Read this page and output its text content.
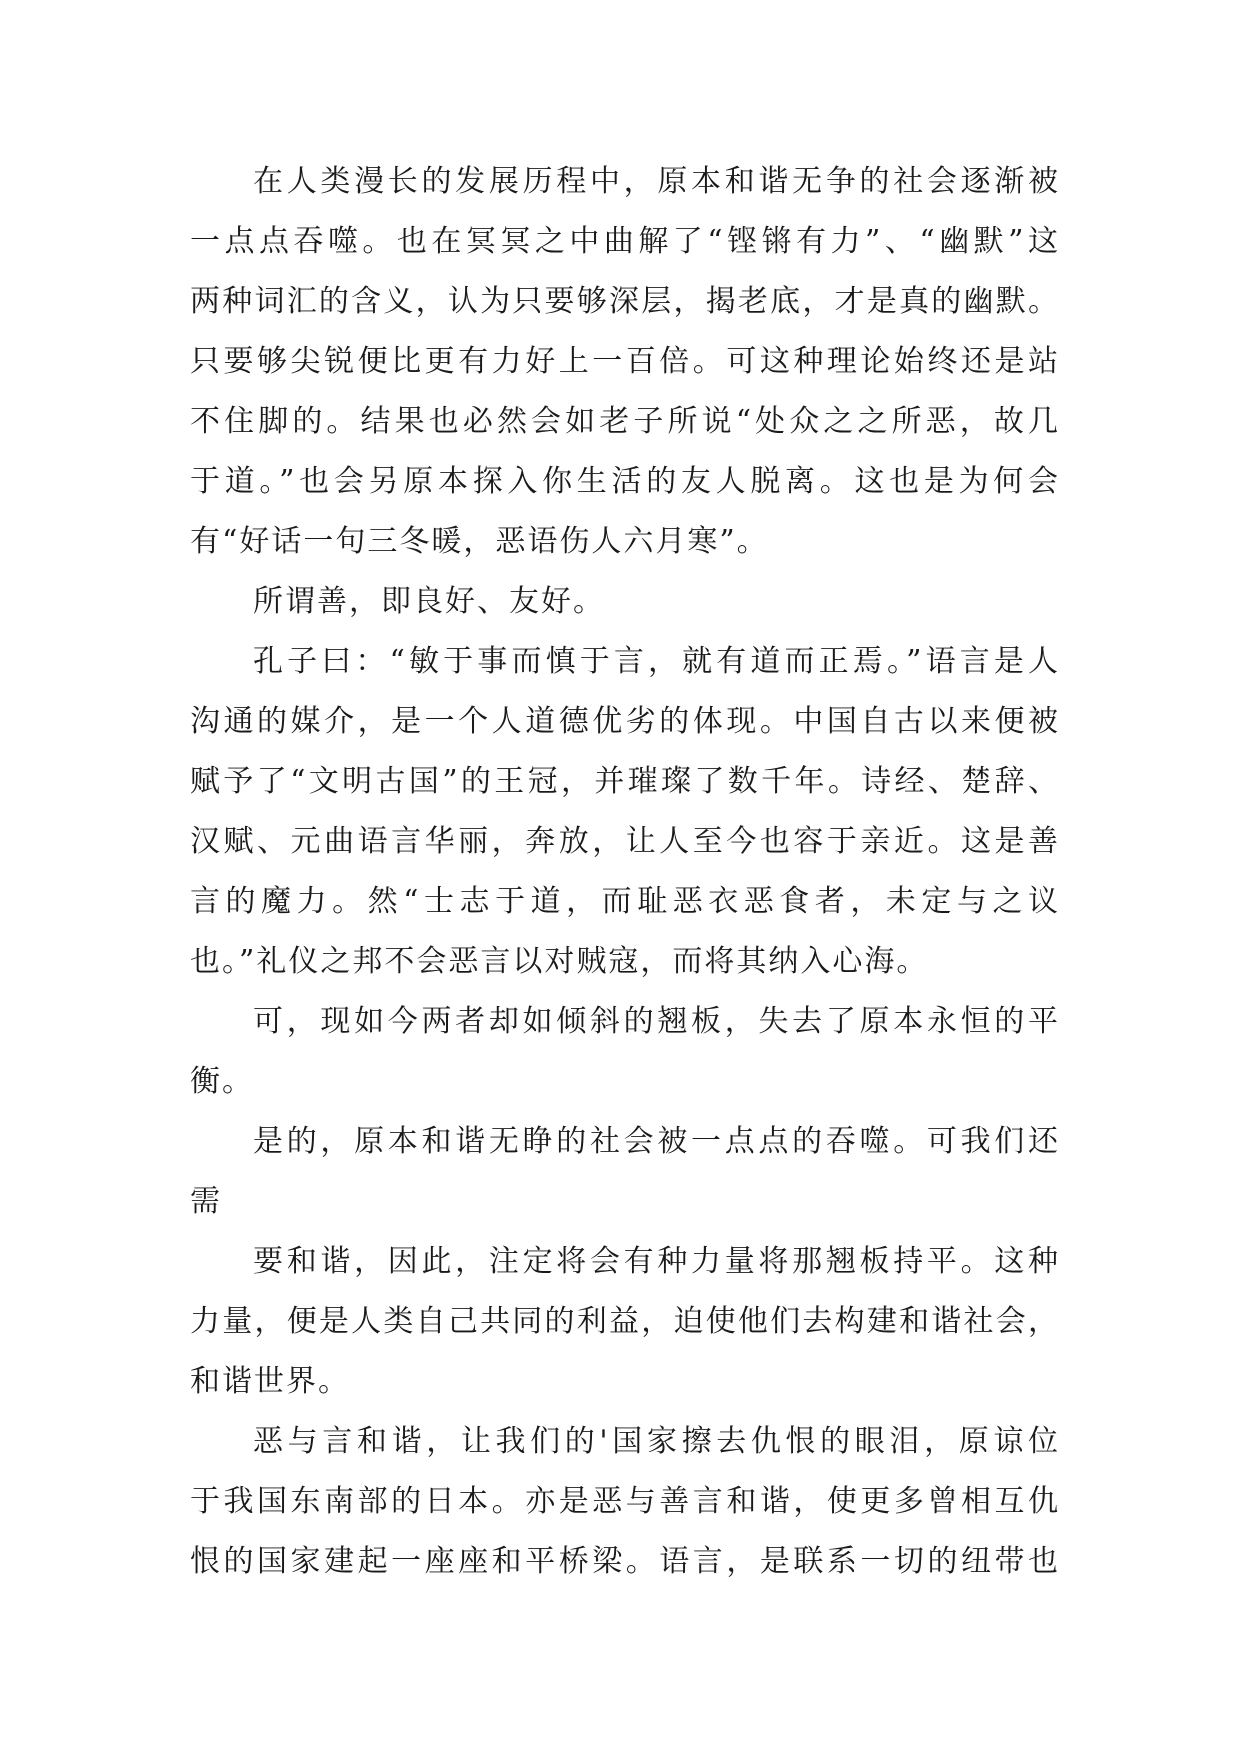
在人类漫长的发展历程中，原本和谐无争的社会逐渐被
一点点吞噬。也在冥冥之中曲解了“铿锵有力”、“幽默”这
两种词汇的含义，认为只要够深层，揭老底，才是真的幽默。
只要够尖锐便比更有力好上一百倍。可这种理论始终还是站
不住脚的。结果也必然会如老子所说“处众之之所恶，故几
于道。”也会另原本探入你生活的友人脱离。这也是为何会
有“好话一句三冬暖，恶语伤人六月寒”。
所谓善，即良好、友好。
孔子曰：“敏于事而慎于言，就有道而正焉。”语言是人
沟通的媒介，是一个人道德优劣的体现。中国自古以来便被
赋予了“文明古国”的王冠，并璀璨了数千年。诗经、楚辞、
汉赋、元曲语言华丽，奔放，让人至今也容于亲近。这是善
言的魔力。然“士志于道，而耻恶衣恶食者，未定与之议
也。”礼仪之邦不会恶言以对贼寇，而将其纳入心海。
可，现如今两者却如倾斜的翘板，失去了原本永恒的平
衡。
是的，原本和谐无睁的社会被一点点的吞噬。可我们还
需
要和谐，因此，注定将会有种力量将那翘板持平。这种
力量，便是人类自己共同的利益，迫使他们去构建和谐社会，
和谐世界。
恶与言和谐，让我们的'国家擦去仇恨的眼泪，原谅位
于我国东南部的日本。亦是恶与善言和谐，使更多曾相互仇
恨的国家建起一座座和平桥梁。语言，是联系一切的纽带也
